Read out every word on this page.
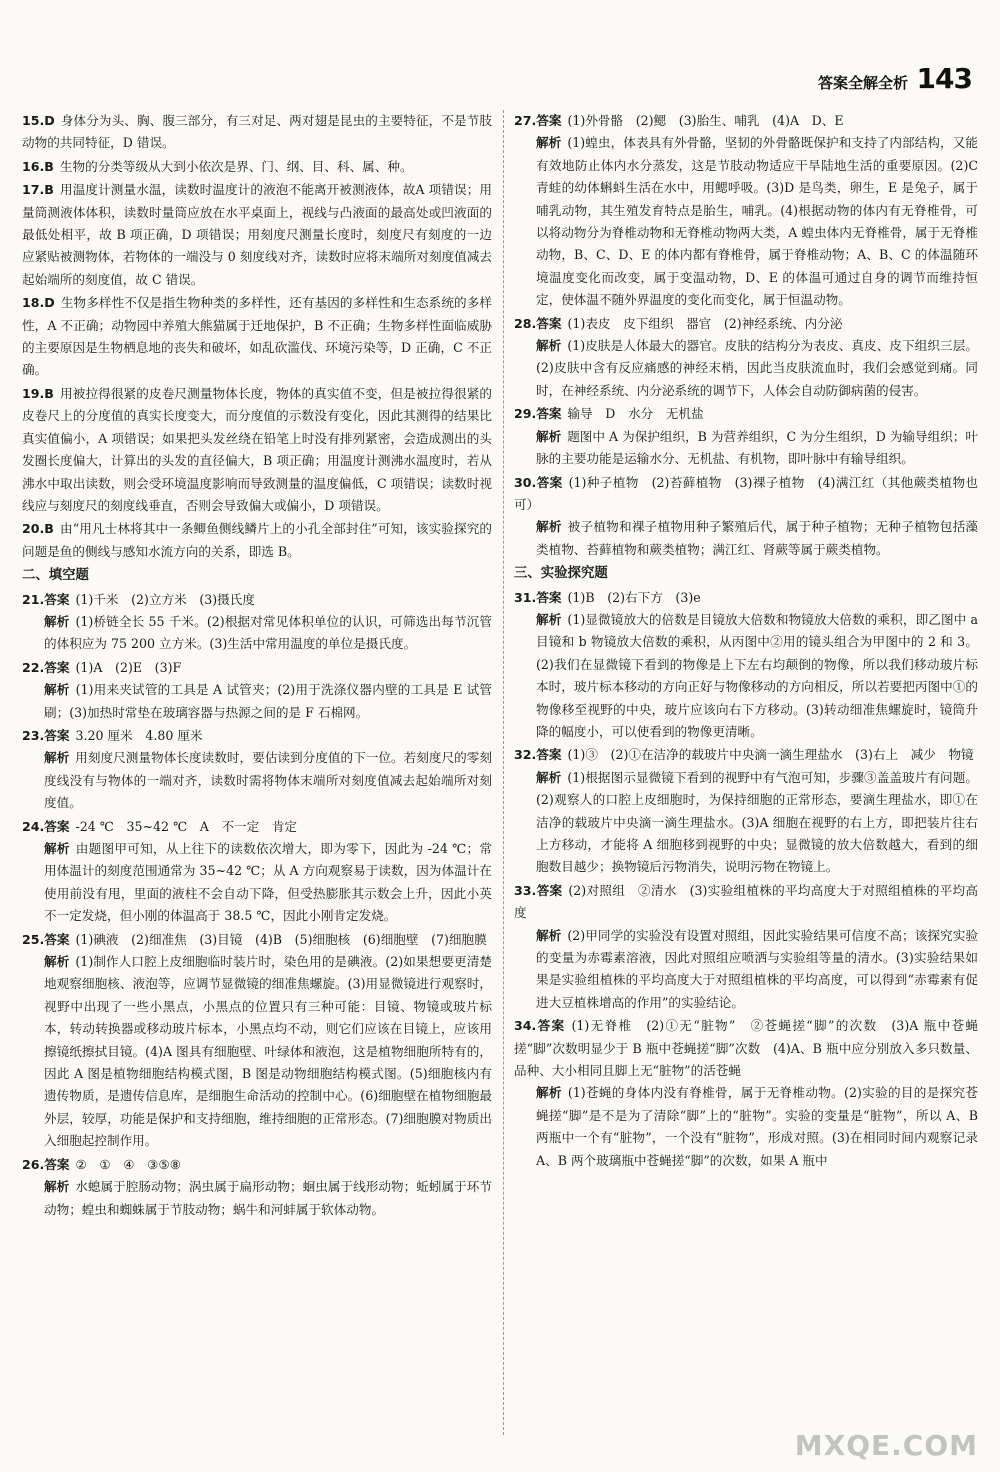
答案全解全析 143
15.D 身体分为头、胸、腹三部分，有三对足、两对翅是昆虫的主要特征，不是节肢动物的共同特征，D 错误。
16.B 生物的分类等级从大到小依次是界、门、纲、目、科、属、种。
17.B 用温度计测量水温，读数时温度计的液泡不能离开被测液体，故A 项错误；用量筒测液体体积，读数时量筒应放在水平桌面上，视线与凸液面的最高处或凹液面的最低处相平，故 B 项正确，D 项错误；用刻度尺测量长度时，刻度尺有刻度的一边应紧贴被测物体，若物体的一端没与 0 刻度线对齐，读数时应将末端所对刻度值减去起始端所的刻度值，故 C 错误。
18.D 生物多样性不仅是指生物种类的多样性，还有基因的多样性和生态系统的多样性，A 不正确；动物园中养殖大熊猫属于迁地保护，B 不正确；生物多样性面临威胁的主要原因是生物栖息地的丧失和破坏，如乱砍滥伐、环境污染等，D 正确，C 不正确。
19.B 用被拉得很紧的皮卷尺测量物体长度，物体的真实值不变，但是被拉得很紧的皮卷尺上的分度值的真实长度变大，而分度值的示数没有变化，因此其测得的结果比真实值偏小，A 项错误；如果把头发丝绕在铅笔上时没有排列紧密，会造成测出的头发圈长度偏大，计算出的头发的直径偏大，B 项正确；用温度计测沸水温度时，若从沸水中取出读数，则会受环境温度影响而导致测量的温度偏低，C 项错误；读数时视线应与刻度尺的刻度线垂直，否则会导致偏大或偏小，D 项错误。
20.B 由“用凡士林将其中一条鲫鱼侧线鳞片上的小孔全部封住”可知，该实验探究的问题是鱼的侧线与感知水流方向的关系，即选 B。
二、填空题
21.答案 (1)千米　(2)立方米　(3)摄氏度
解析 (1)桥链全长 55 千米。(2)根据对常见体积单位的认识，可筛选出每节沉管的体积应为 75 200 立方米。(3)生活中常用温度的单位是摄氏度。
22.答案 (1)A　(2)E　(3)F
解析 (1)用来夹试管的工具是 A 试管夹；(2)用于洗涤仪器内壁的工具是 E 试管刷；(3)加热时常垫在玻璃容器与热源之间的是 F 石棉网。
23.答案 3.20 厘米　4.80 厘米
解析 用刻度尺测量物体长度读数时，要估读到分度值的下一位。若刻度尺的零刻度线没有与物体的一端对齐，读数时需将物体末端所对刻度值减去起始端所对刻度值。
24.答案 -24 ℃　35~42 ℃　A　不一定　肯定
解析 由题图甲可知，从上往下的读数依次增大，即为零下，因此为 -24 ℃；常用体温计的刻度范围通常为 35~42 ℃；从 A 方向观察易于读数，因为体温计在使用前没有甩，里面的液柱不会自动下降，但受热膨胀其示数会上升，因此小英不一定发烧，但小刚的体温高于 38.5 ℃，因此小刚肯定发烧。
25.答案 (1)碘液　(2)细准焦　(3)目镜　(4)B　(5)细胞核　(6)细胞壁　(7)细胞膜
解析 (1)制作人口腔上皮细胞临时装片时，染色用的是碘液。(2)如果想要更清楚地观察细胞核、液泡等，应调节显微镜的细准焦螺旋。(3)用显微镜进行观察时，视野中出现了一些小黑点，小黑点的位置只有三种可能：目镜、物镜或玻片标本，转动转换器或移动玻片标本，小黑点均不动，则它们应该在目镜上，应该用擦镜纸擦拭目镜。(4)A 图具有细胞壁、叶绿体和液泡，这是植物细胞所特有的，因此 A 图是植物细胞结构模式图，B 图是动物细胞结构模式图。(5)细胞核内有遗传物质，是遗传信息库，是细胞生命活动的控制中心。(6)细胞壁在植物细胞最外层，较厚，功能是保护和支持细胞，维持细胞的正常形态。(7)细胞膜对物质出入细胞起控制作用。
26.答案 ②　①　④　③⑤⑧
解析 水螅属于腔肠动物；涡虫属于扁形动物；蛔虫属于线形动物；蚯蚓属于环节动物；蝗虫和蜘蛛属于节肢动物；蜗牛和河蚌属于软体动物。
27.答案 (1)外骨骼　(2)鳃　(3)胎生、哺乳　(4)A　D、E
解析 (1)蝗虫，体表具有外骨骼，坚韧的外骨骼既保护和支持了内部结构，又能有效地防止体内水分蒸发，这是节肢动物适应干旱陆地生活的重要原因。(2)C 青蛙的幼体蝌蚪生活在水中，用鳃呼吸。(3)D 是鸟类，卵生，E 是兔子，属于哺乳动物，其生殖发育特点是胎生，哺乳。(4)根据动物的体内有无脊椎骨，可以将动物分为脊椎动物和无脊椎动物两大类，A 蝗虫体内无脊椎骨，属于无脊椎动物，B、C、D、E 的体内都有脊椎骨，属于脊椎动物；A、B、C 的体温随环境温度变化而改变，属于变温动物，D、E 的体温可通过自身的调节而维持恒定，使体温不随外界温度的变化而变化，属于恒温动物。
28.答案 (1)表皮　皮下组织　器官　(2)神经系统、内分泌
解析 (1)皮肤是人体最大的器官。皮肤的结构分为表皮、真皮、皮下组织三层。(2)皮肤中含有反应痛感的神经末梢，因此当皮肤流血时，我们会感觉到痛。同时，在神经系统、内分泌系统的调节下，人体会自动防御病菌的侵害。
29.答案 输导　D　水分　无机盐
解析 题图中 A 为保护组织，B 为营养组织，C 为分生组织，D 为输导组织；叶脉的主要功能是运输水分、无机盐、有机物，即叶脉中有输导组织。
30.答案 (1)种子植物　(2)苔藓植物　(3)裸子植物　(4)满江红（其他蕨类植物也可）
解析 被子植物和裸子植物用种子繁殖后代，属于种子植物；无种子植物包括藻类植物、苔藓植物和蕨类植物；满江红、肾蕨等属于蕨类植物。
三、实验探究题
31.答案 (1)B　(2)右下方　(3)e
解析 (1)显微镜放大的倍数是目镜放大倍数和物镜放大倍数的乘积，即乙图中 a 目镜和 b 物镜放大倍数的乘积，从丙图中②用的镜头组合为甲图中的 2 和 3。(2)我们在显微镜下看到的物像是上下左右均颠倒的物像，所以我们移动玻片标本时，玻片标本移动的方向正好与物像移动的方向相反，所以若要把丙图中①的物像移至视野的中央，玻片应该向右下方移动。(3)转动细准焦螺旋时，镜筒升降的幅度小，可以使看到的物像更清晰。
32.答案 (1)③　(2)①在洁净的载玻片中央滴一滴生理盐水　(3)右上　减少　物镜
解析 (1)根据图示显微镜下看到的视野中有气泡可知，步骤③盖盖玻片有问题。(2)观察人的口腔上皮细胞时，为保持细胞的正常形态，要滴生理盐水，即①在洁净的载玻片中央滴一滴生理盐水。(3)A 细胞在视野的右上方，即把装片往右上方移动，才能将 A 细胞移到视野的中央；显微镜的放大倍数越大，看到的细胞数目越少；换物镜后污物消失，说明污物在物镜上。
33.答案 (2)对照组　②清水　(3)实验组植株的平均高度大于对照组植株的平均高度
解析 (2)甲同学的实验没有设置对照组，因此实验结果可信度不高；该探究实验的变量为赤霉素溶液，因此对照组应喷洒与实验组等量的清水。(3)实验结果如果是实验组植株的平均高度大于对照组植株的平均高度，可以得到“赤霉素有促进大豆植株增高的作用”的实验结论。
34.答案 (1)无脊椎　(2)①无“脏物”　②苍蝇搓“脚”的次数　(3)A 瓶中苍蝇搓“脚”次数明显少于 B 瓶中苍蝇搓“脚”次数　(4)A、B 瓶中应分别放入多只数量、品种、大小相同且脚上无“脏物”的活苍蝇
解析 (1)苍蝇的身体内没有脊椎骨，属于无脊椎动物。(2)实验的目的是探究苍蝇搓“脚”是不是为了清除“脚”上的“脏物”。实验的变量是“脏物”，所以 A、B 两瓶中一个有“脏物”，一个没有“脏物”，形成对照。(3)在相同时间内观察记录 A、B 两个玻璃瓶中苍蝇搓“脚”的次数，如果 A 瓶中
MXQE.COM
